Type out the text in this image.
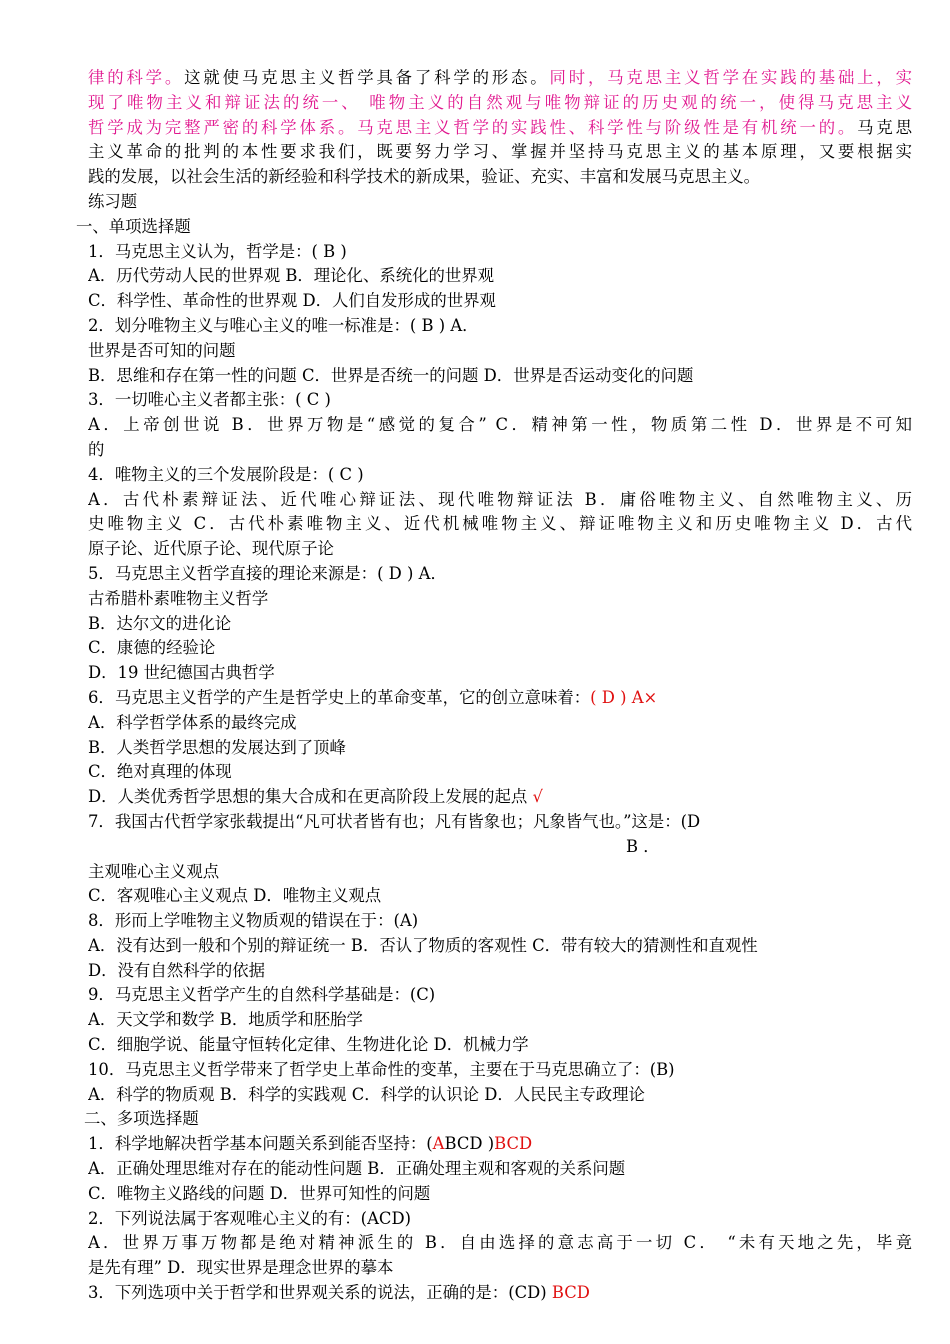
律的科学。这就使马克思主义哲学具备了科学的形态。同时，马克思主义哲学在实践的基础上，实
现了唯物主义和辩证法的统一、 唯物主义的自然观与唯物辩证的历史观的统一，使得马克思主义
哲学成为完整严密的科学体系。马克思主义哲学的实践性、科学性与阶级性是有机统一的。马克思
主义革命的批判的本性要求我们，既要努力学习、掌握并坚持马克思主义的基本原理，又要根据实
践的发展，以社会生活的新经验和科学技术的新成果，验证、充实、丰富和发展马克思主义。
练习题
一、单项选择题
1．马克思主义认为，哲学是：( B )
A．历代劳动人民的世界观 B．理论化、系统化的世界观
C．科学性、革命性的世界观 D．人们自发形成的世界观
2．划分唯物主义与唯心主义的唯一标准是：( B ) A．
世界是否可知的问题
B．思维和存在第一性的问题 C．世界是否统一的问题 D．世界是否运动变化的问题
3．一切唯心主义者都主张：( C )
A．上帝创世说 B．世界万物是“感觉的复合” C．精神第一性，物质第二性 D．世界是不可知
的
4．唯物主义的三个发展阶段是：( C )
A．古代朴素辩证法、近代唯心辩证法、现代唯物辩证法 B．庸俗唯物主义、自然唯物主义、历
史唯物主义 C．古代朴素唯物主义、近代机械唯物主义、辩证唯物主义和历史唯物主义 D．古代
原子论、近代原子论、现代原子论
5．马克思主义哲学直接的理论来源是：( D ) A．
古希腊朴素唯物主义哲学
B．达尔文的进化论
C．康德的经验论
D．19 世纪德国古典哲学
6．马克思主义哲学的产生是哲学史上的革命变革，它的创立意味着：( D ) A×
A．科学哲学体系的最终完成
B．人类哲学思想的发展达到了顶峰
C．绝对真理的体现
D．人类优秀哲学思想的集大合成和在更高阶段上发展的起点 √
7．我国古代哲学家张载提出“凡可状者皆有也；凡有皆象也；凡象皆气也。”这是：(D
B ．
主观唯心主义观点
C．客观唯心主义观点 D．唯物主义观点
8．形而上学唯物主义物质观的错误在于：(A)
A．没有达到一般和个别的辩证统一 B．否认了物质的客观性 C．带有较大的猜测性和直观性
D．没有自然科学的依据
9．马克思主义哲学产生的自然科学基础是：(C)
A．天文学和数学 B．地质学和胚胎学
C．细胞学说、能量守恒转化定律、生物进化论 D．机械力学
10．马克思主义哲学带来了哲学史上革命性的变革，主要在于马克思确立了：(B)
A．科学的物质观 B．科学的实践观 C．科学的认识论 D．人民民主专政理论
二、多项选择题
1．科学地解决哲学基本问题关系到能否坚持：(ABCD )BCD
A．正确处理思维对存在的能动性问题 B．正确处理主观和客观的关系问题
C．唯物主义路线的问题 D．世界可知性的问题
2．下列说法属于客观唯心主义的有：(ACD)
A．世界万事万物都是绝对精神派生的 B．自由选择的意志高于一切 C． “未有天地之先，毕竟
是先有理” D．现实世界是理念世界的摹本
3．下列选项中关于哲学和世界观关系的说法，正确的是：(CD) BCD
